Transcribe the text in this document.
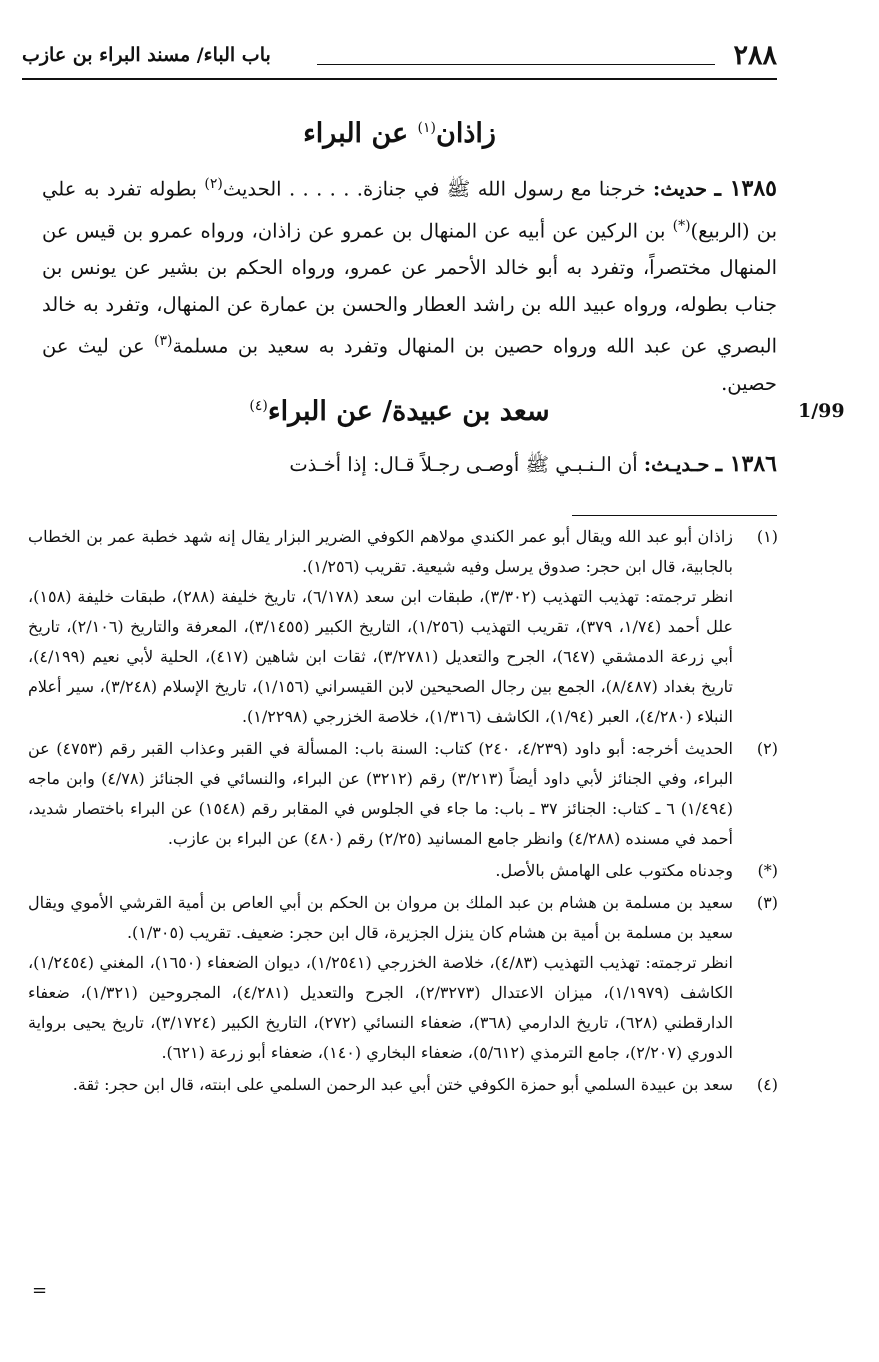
٢٨٨
باب الباء/ مسند البراء بن عازب
زاذان$^{(١)}$ عن البراء

١٣٨٥ ـ حديث: خرجنا مع رسول الله ﷺ في جنازة. . . . . . الحديث$^{(٢)}$ بطوله تفرد به علي بن (الربيع)(*) بن الركين عن أبيه عن المنهال بن عمرو عن زاذان، ورواه عمرو بن قيس عن المنهال مختصراً، وتفرد به أبو خالد الأحمر عن عمرو، ورواه الحكم بن بشير عن يونس بن جناب بطوله، ورواه عبيد الله بن راشد العطار والحسن بن عمارة عن المنهال، وتفرد به خالد البصري عن عبد الله ورواه حصين بن المنهال وتفرد به سعيد بن مسلمة$^{(٣)}$ عن ليث عن حصين.

سعد بن عبيدة/ عن البراء$^{(٤)}$	1/99

١٣٨٦ ـ حـديـث: أن الـنـبـي ﷺ أوصـى رجـلاً قـال: إذا أخـذت

(١)

زاذان أبو عبد الله ويقال أبو عمر الكندي مولاهم الكوفي الضرير البزار يقال إنه شهد خطبة عمر بن الخطاب بالجابية، قال ابن حجر: صدوق يرسل وفيه شيعية. تقريب (١/٢٥٦).

انظر ترجمته: تهذيب التهذيب (٣/٣٠٢)، طبقات ابن سعد (٦/١٧٨)، تاريخ خليفة (٢٨٨)، طبقات خليفة (١٥٨)، علل أحمد (١/٧٤، ٣٧٩)، تقريب التهذيب (١/٢٥٦)، التاريخ الكبير (٣/١٤٥٥)، المعرفة والتاريخ (٢/١٠٦)، تاريخ أبي زرعة الدمشقي (٦٤٧)، الجرح والتعديل (٣/٢٧٨١)، ثقات ابن شاهين (٤١٧)، الحلية لأبي نعيم (٤/١٩٩)، تاريخ بغداد (٨/٤٨٧)، الجمع بين رجال الصحيحين لابن القيسراني (١/١٥٦)، تاريخ الإسلام (٣/٢٤٨)، سير أعلام النبلاء (٤/٢٨٠)، العبر (١/٩٤)، الكاشف (١/٣١٦)، خلاصة الخزرجي (١/٢٢٩٨).

(٢)

الحديث أخرجه: أبو داود (٤/٢٣٩، ٢٤٠) كتاب: السنة باب: المسألة في القبر وعذاب القبر رقم (٤٧٥٣) عن البراء، وفي الجنائز لأبي داود أيضاً (٣/٢١٣) رقم (٣٢١٢) عن البراء، والنسائي في الجنائز (٤/٧٨) وابن ماجه (١/٤٩٤) ٦ ـ كتاب: الجنائز ٣٧ ـ باب: ما جاء في الجلوس في المقابر رقم (١٥٤٨) عن البراء باختصار شديد، أحمد في مسنده (٤/٢٨٨) وانظر جامع المسانيد (٢/٢٥) رقم (٤٨٠) عن البراء بن عازب.

(*)

وجدناه مكتوب على الهامش بالأصل.

(٣)

سعيد بن مسلمة بن هشام بن عبد الملك بن مروان بن الحكم بن أبي العاص بن أمية القرشي الأموي ويقال سعيد بن مسلمة بن أمية بن هشام كان ينزل الجزيرة، قال ابن حجر: ضعيف. تقريب (١/٣٠٥).

انظر ترجمته: تهذيب التهذيب (٤/٨٣)، خلاصة الخزرجي (١/٢٥٤١)، ديوان الضعفاء (١٦٥٠)، المغني (١/٢٤٥٤)، الكاشف (١/١٩٧٩)، ميزان الاعتدال (٢/٣٢٧٣)، الجرح والتعديل (٤/٢٨١)، المجروحين (١/٣٢١)، ضعفاء الدارقطني (٦٢٨)، تاريخ الدارمي (٣٦٨)، ضعفاء النسائي (٢٧٢)، التاريخ الكبير (٣/١٧٢٤)، تاريخ يحيى برواية الدوري (٢/٢٠٧)، جامع الترمذي (٥/٦١٢)، ضعفاء البخاري (١٤٠)، ضعفاء أبو زرعة (٦٢١).

(٤)

سعد بن عبيدة السلمي أبو حمزة الكوفي ختن أبي عبد الرحمن السلمي على ابنته، قال ابن حجر: ثقة.

=
